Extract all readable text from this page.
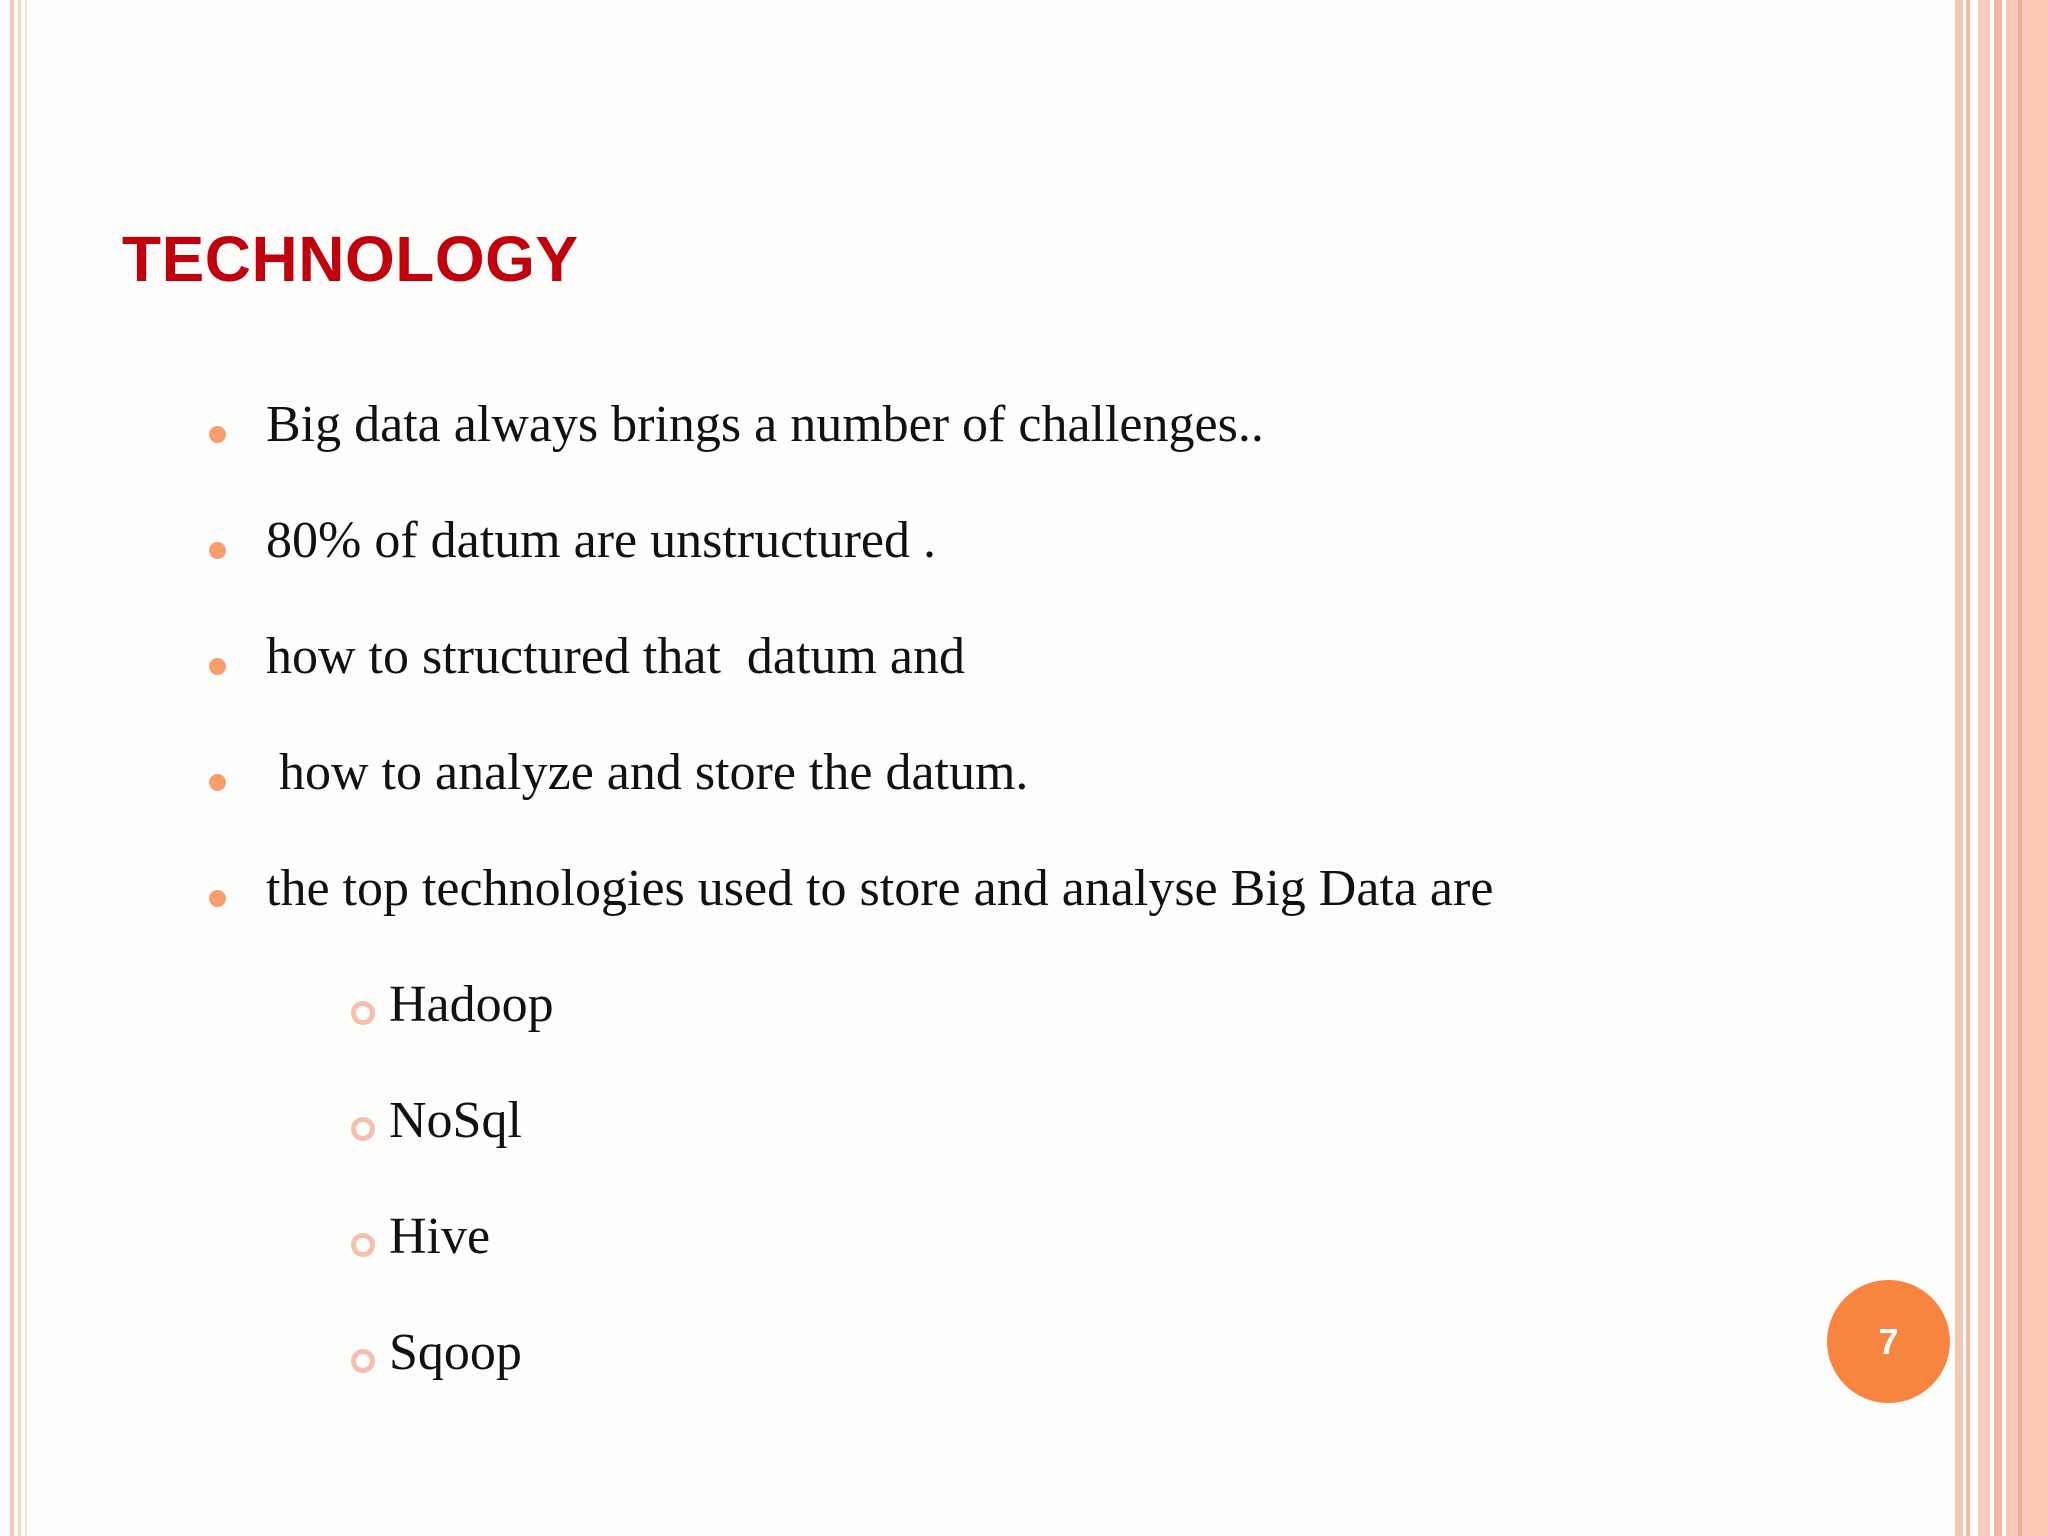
TECHNOLOGY
Big data always brings a number of challenges..
80% of datum are unstructured .
how to structured that  datum and
how to analyze and store the datum.
the top technologies used to store and analyse Big Data are
Hadoop
NoSql
Hive
Sqoop	7
